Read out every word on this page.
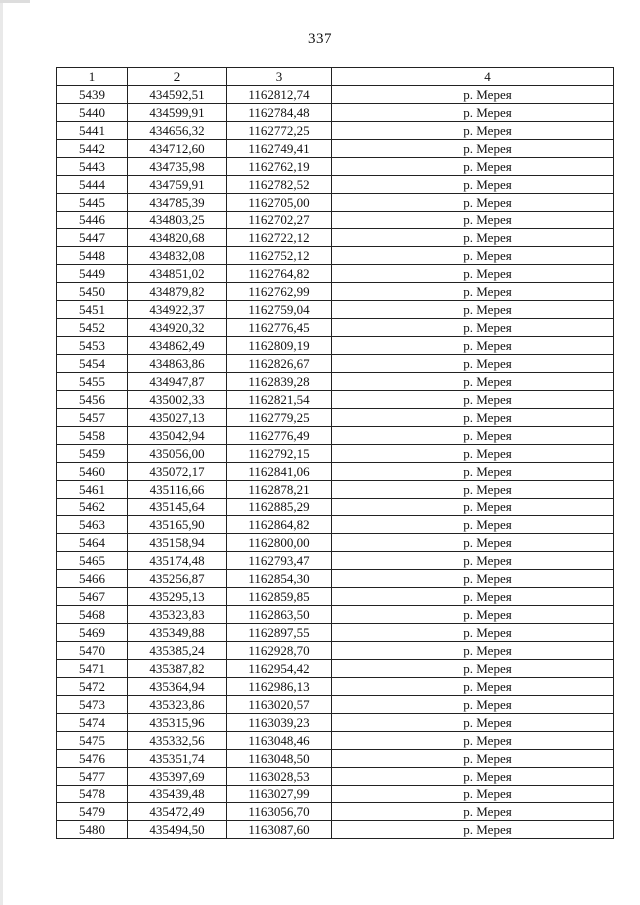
337
1	2	3	4
5439	434592,51	1162812,74	р. Мерея
5440	434599,91	1162784,48	р. Мерея
5441	434656,32	1162772,25	р. Мерея
5442	434712,60	1162749,41	р. Мерея
5443	434735,98	1162762,19	р. Мерея
5444	434759,91	1162782,52	р. Мерея
5445	434785,39	1162705,00	р. Мерея
5446	434803,25	1162702,27	р. Мерея
5447	434820,68	1162722,12	р. Мерея
5448	434832,08	1162752,12	р. Мерея
5449	434851,02	1162764,82	р. Мерея
5450	434879,82	1162762,99	р. Мерея
5451	434922,37	1162759,04	р. Мерея
5452	434920,32	1162776,45	р. Мерея
5453	434862,49	1162809,19	р. Мерея
5454	434863,86	1162826,67	р. Мерея
5455	434947,87	1162839,28	р. Мерея
5456	435002,33	1162821,54	р. Мерея
5457	435027,13	1162779,25	р. Мерея
5458	435042,94	1162776,49	р. Мерея
5459	435056,00	1162792,15	р. Мерея
5460	435072,17	1162841,06	р. Мерея
5461	435116,66	1162878,21	р. Мерея
5462	435145,64	1162885,29	р. Мерея
5463	435165,90	1162864,82	р. Мерея
5464	435158,94	1162800,00	р. Мерея
5465	435174,48	1162793,47	р. Мерея
5466	435256,87	1162854,30	р. Мерея
5467	435295,13	1162859,85	р. Мерея
5468	435323,83	1162863,50	р. Мерея
5469	435349,88	1162897,55	р. Мерея
5470	435385,24	1162928,70	р. Мерея
5471	435387,82	1162954,42	р. Мерея
5472	435364,94	1162986,13	р. Мерея
5473	435323,86	1163020,57	р. Мерея
5474	435315,96	1163039,23	р. Мерея
5475	435332,56	1163048,46	р. Мерея
5476	435351,74	1163048,50	р. Мерея
5477	435397,69	1163028,53	р. Мерея
5478	435439,48	1163027,99	р. Мерея
5479	435472,49	1163056,70	р. Мерея
5480	435494,50	1163087,60	р. Мерея
